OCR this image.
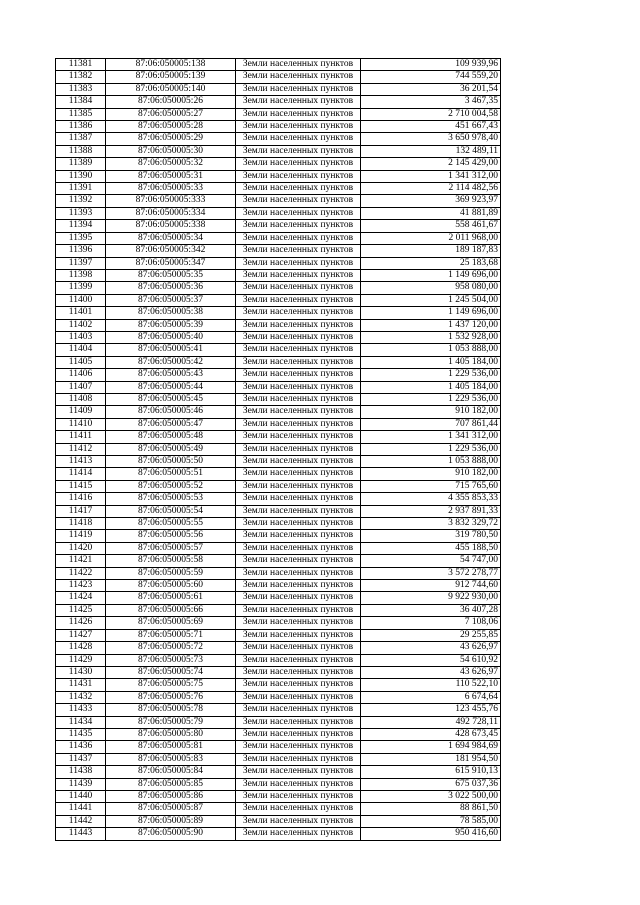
11381	87:06:050005:138	Земли населенных пунктов	109 939,96
11382	87:06:050005:139	Земли населенных пунктов	744 559,20
11383	87:06:050005:140	Земли населенных пунктов	36 201,54
11384	87:06:050005:26	Земли населенных пунктов	3 467,35
11385	87:06:050005:27	Земли населенных пунктов	2 710 004,58
11386	87:06:050005:28	Земли населенных пунктов	451 667,43
11387	87:06:050005:29	Земли населенных пунктов	3 650 978,40
11388	87:06:050005:30	Земли населенных пунктов	132 489,11
11389	87:06:050005:32	Земли населенных пунктов	2 145 429,00
11390	87:06:050005:31	Земли населенных пунктов	1 341 312,00
11391	87:06:050005:33	Земли населенных пунктов	2 114 482,56
11392	87:06:050005:333	Земли населенных пунктов	369 923,97
11393	87:06:050005:334	Земли населенных пунктов	41 881,89
11394	87:06:050005:338	Земли населенных пунктов	558 461,67
11395	87:06:050005:34	Земли населенных пунктов	2 011 968,00
11396	87:06:050005:342	Земли населенных пунктов	189 187,83
11397	87:06:050005:347	Земли населенных пунктов	25 183,68
11398	87:06:050005:35	Земли населенных пунктов	1 149 696,00
11399	87:06:050005:36	Земли населенных пунктов	958 080,00
11400	87:06:050005:37	Земли населенных пунктов	1 245 504,00
11401	87:06:050005:38	Земли населенных пунктов	1 149 696,00
11402	87:06:050005:39	Земли населенных пунктов	1 437 120,00
11403	87:06:050005:40	Земли населенных пунктов	1 532 928,00
11404	87:06:050005:41	Земли населенных пунктов	1 053 888,00
11405	87:06:050005:42	Земли населенных пунктов	1 405 184,00
11406	87:06:050005:43	Земли населенных пунктов	1 229 536,00
11407	87:06:050005:44	Земли населенных пунктов	1 405 184,00
11408	87:06:050005:45	Земли населенных пунктов	1 229 536,00
11409	87:06:050005:46	Земли населенных пунктов	910 182,00
11410	87:06:050005:47	Земли населенных пунктов	707 861,44
11411	87:06:050005:48	Земли населенных пунктов	1 341 312,00
11412	87:06:050005:49	Земли населенных пунктов	1 229 536,00
11413	87:06:050005:50	Земли населенных пунктов	1 053 888,00
11414	87:06:050005:51	Земли населенных пунктов	910 182,00
11415	87:06:050005:52	Земли населенных пунктов	715 765,60
11416	87:06:050005:53	Земли населенных пунктов	4 355 853,33
11417	87:06:050005:54	Земли населенных пунктов	2 937 891,33
11418	87:06:050005:55	Земли населенных пунктов	3 832 329,72
11419	87:06:050005:56	Земли населенных пунктов	319 780,50
11420	87:06:050005:57	Земли населенных пунктов	455 188,50
11421	87:06:050005:58	Земли населенных пунктов	54 747,00
11422	87:06:050005:59	Земли населенных пунктов	3 572 278,77
11423	87:06:050005:60	Земли населенных пунктов	912 744,60
11424	87:06:050005:61	Земли населенных пунктов	9 922 930,00
11425	87:06:050005:66	Земли населенных пунктов	36 407,28
11426	87:06:050005:69	Земли населенных пунктов	7 108,06
11427	87:06:050005:71	Земли населенных пунктов	29 255,85
11428	87:06:050005:72	Земли населенных пунктов	43 626,97
11429	87:06:050005:73	Земли населенных пунктов	54 610,92
11430	87:06:050005:74	Земли населенных пунктов	43 626,97
11431	87:06:050005:75	Земли населенных пунктов	110 522,10
11432	87:06:050005:76	Земли населенных пунктов	6 674,64
11433	87:06:050005:78	Земли населенных пунктов	123 455,76
11434	87:06:050005:79	Земли населенных пунктов	492 728,11
11435	87:06:050005:80	Земли населенных пунктов	428 673,45
11436	87:06:050005:81	Земли населенных пунктов	1 694 984,69
11437	87:06:050005:83	Земли населенных пунктов	181 954,50
11438	87:06:050005:84	Земли населенных пунктов	615 910,13
11439	87:06:050005:85	Земли населенных пунктов	675 037,36
11440	87:06:050005:86	Земли населенных пунктов	3 022 500,00
11441	87:06:050005:87	Земли населенных пунктов	88 861,50
11442	87:06:050005:89	Земли населенных пунктов	78 585,00
11443	87:06:050005:90	Земли населенных пунктов	950 416,60
